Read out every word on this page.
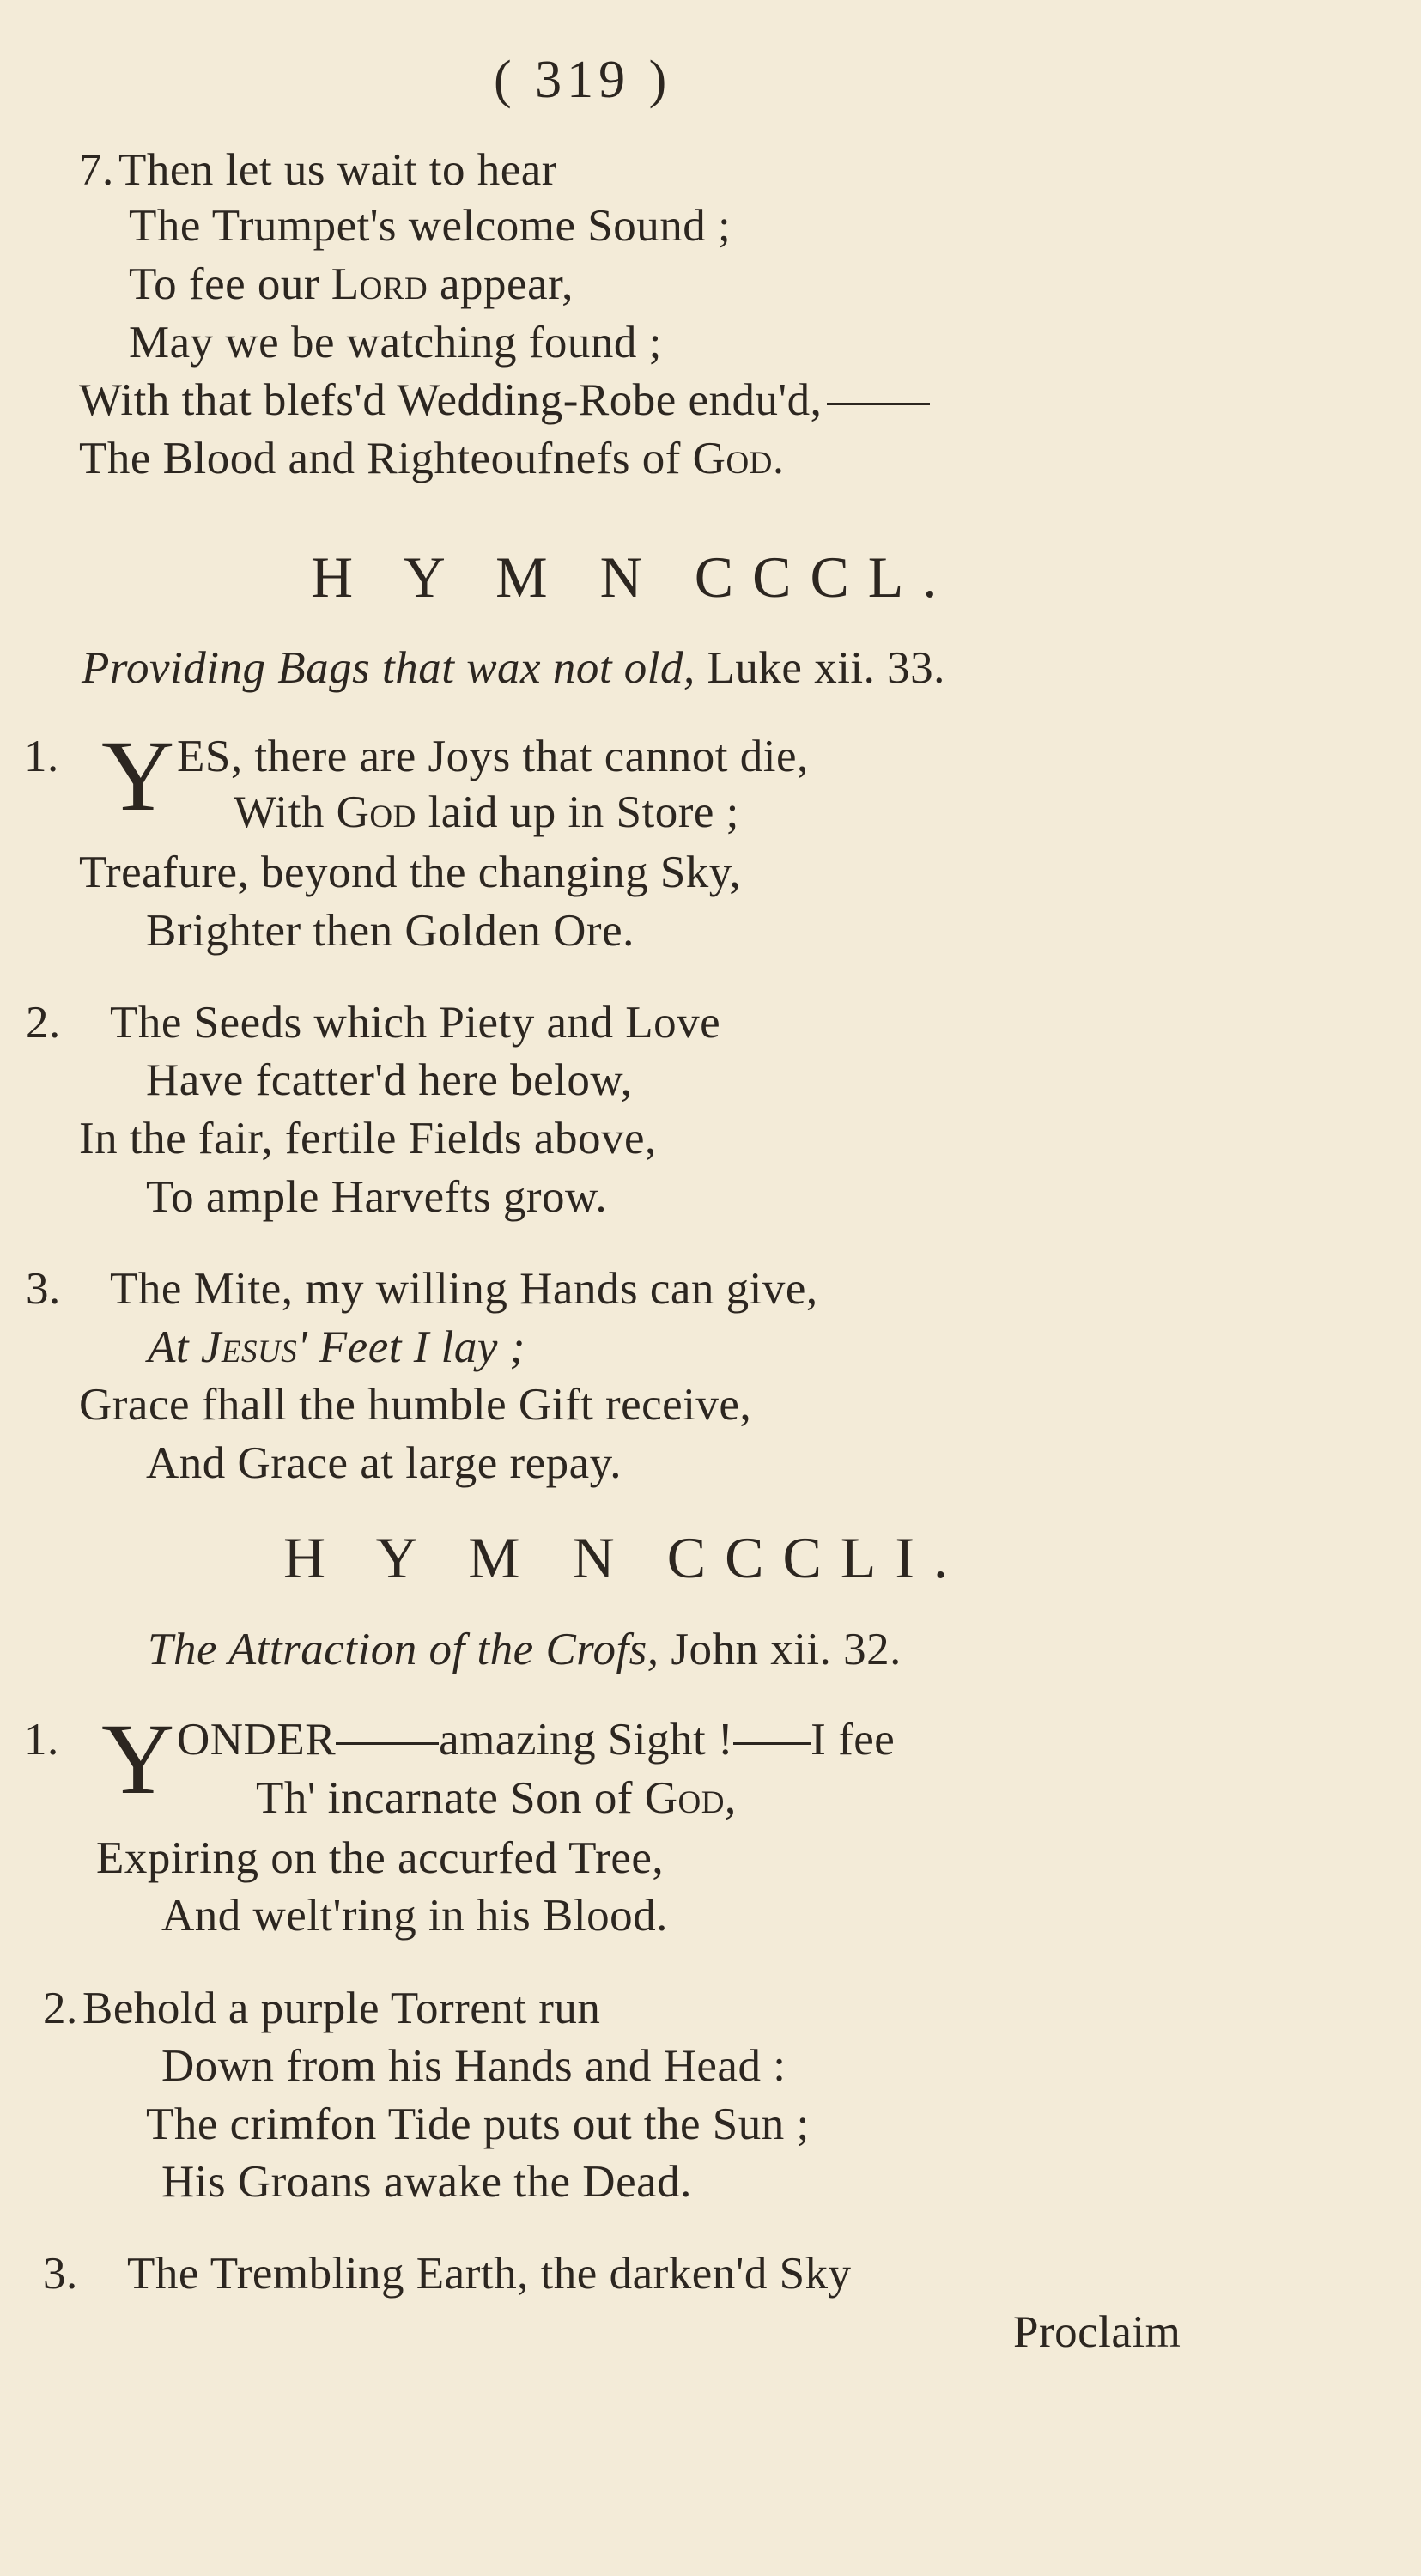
( 319 )
7.Then let us wait to hear
The Trumpet's welcome Sound ;
To fee our Lord appear,
May we be watching found ;
With that blefs'd Wedding-Robe endu'd,
The Blood and Righteoufnefs of God.
H Y M N CCCL.
Providing Bags that wax not old, Luke xii. 33.
1. Y ES, there are Joys that cannot die,
With God laid up in Store ;
Treafure, beyond the changing Sky,
Brighter then Golden Ore.
2. The Seeds which Piety and Love
Have fcatter'd here below,
In the fair, fertile Fields above,
To ample Harvefts grow.
3. The Mite, my willing Hands can give,
At Jesus' Feet I lay ;
Grace fhall the humble Gift receive,
And Grace at large repay.
H Y M N CCCLI.
The Attraction of the Crofs, John xii. 32.
1. Y ONDER amazing Sight ! I fee
Th' incarnate Son of God,
Expiring on the accurfed Tree,
And welt'ring in his Blood.
2.Behold a purple Torrent run
Down from his Hands and Head :
The crimfon Tide puts out the Sun ;
His Groans awake the Dead.
3. The Trembling Earth, the darken'd Sky
Proclaim
